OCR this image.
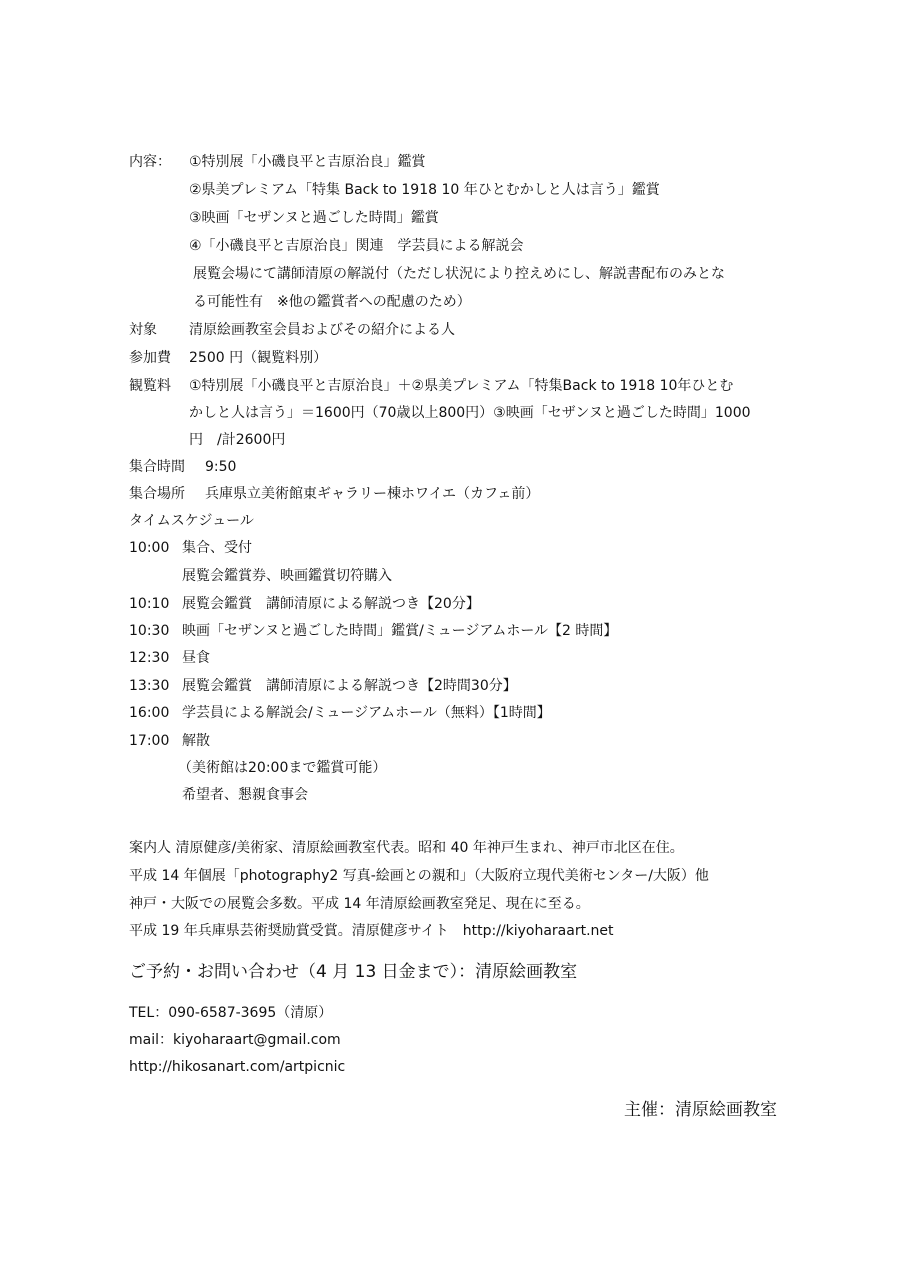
内容： ①特別展「小磯良平と吉原治良」鑑賞
②県美プレミアム「特集 Back to 1918 10 年ひとむかしと人は言う」鑑賞
③映画「セザンヌと過ごした時間」鑑賞
④「小磯良平と吉原治良」関連　学芸員による解説会
展覧会場にて講師清原の解説付（ただし状況により控えめにし、解説書配布のみとな
る可能性有　※他の鑑賞者への配慮のため）
対象 清原絵画教室会員およびその紹介による人
参加費 2500 円（観覧料別）
観覧料 ①特別展「小磯良平と吉原治良」＋②県美プレミアム「特集Back to 1918 10年ひとむ
かしと人は言う」＝1600円（70歳以上800円）③映画「セザンヌと過ごした時間」1000
円　/計2600円
集合時間 9:50
集合場所 兵庫県立美術館東ギャラリー棟ホワイエ（カフェ前）
タイムスケジュール
10:00 集合、受付
展覧会鑑賞券、映画鑑賞切符購入
10:10 展覧会鑑賞　講師清原による解説つき【20分】
10:30 映画「セザンヌと過ごした時間」鑑賞/ミュージアムホール【2 時間】
12:30 昼食
13:30 展覧会鑑賞　講師清原による解説つき【2時間30分】
16:00 学芸員による解説会/ミュージアムホール（無料）【1時間】
17:00 解散
（美術館は20:00まで鑑賞可能）
希望者、懇親食事会
案内人 清原健彦/美術家、清原絵画教室代表。昭和 40 年神戸生まれ、神戸市北区在住。
平成 14 年個展「photography2 写真-絵画との親和」（大阪府立現代美術センター/大阪）他
神戸・大阪での展覧会多数。平成 14 年清原絵画教室発足、現在に至る。
平成 19 年兵庫県芸術奨励賞受賞。清原健彦サイト　http://kiyoharaart.net
ご予約・お問い合わせ（4 月 13 日金まで）：清原絵画教室
TEL：090-6587-3695（清原）
mail：kiyoharaart@gmail.com
http://hikosanart.com/artpicnic
主催：清原絵画教室
